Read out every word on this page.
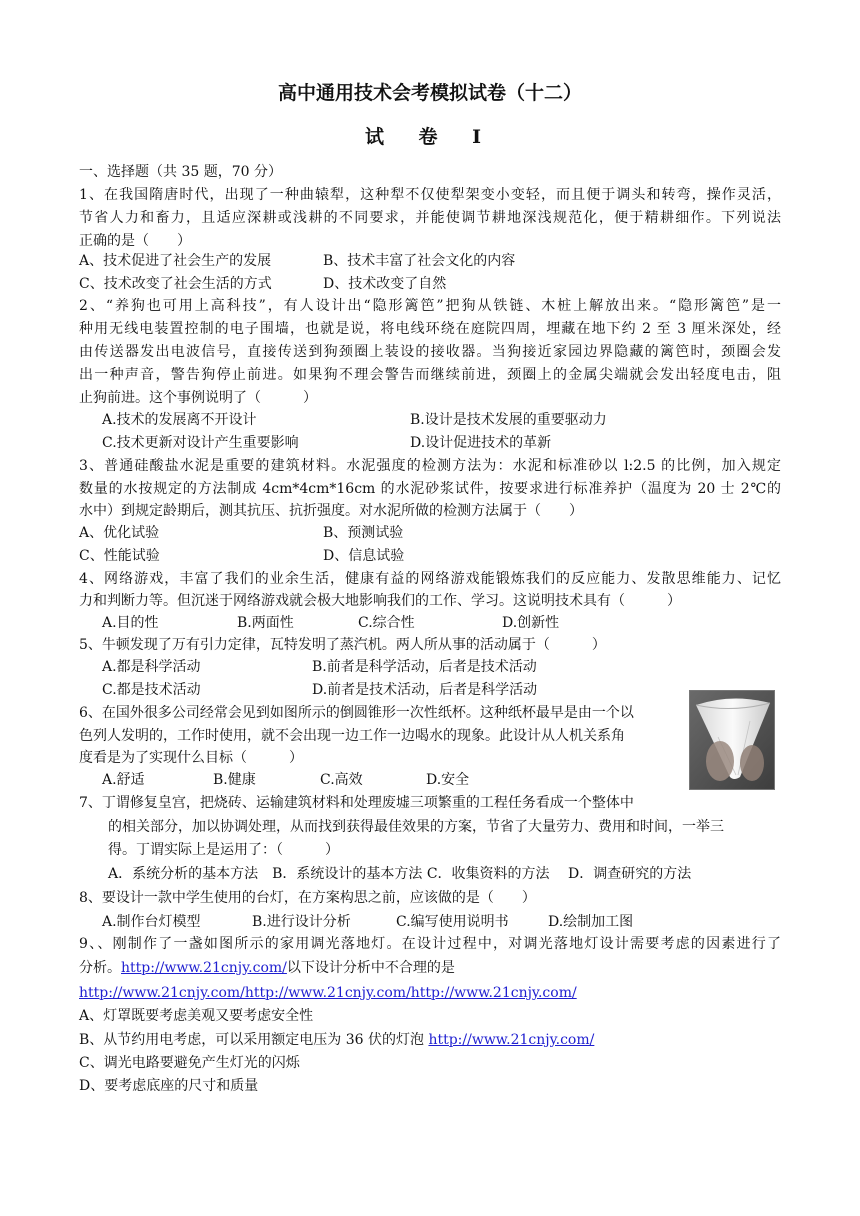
高中通用技术会考模拟试卷（十二）
试 卷 Ⅰ
一、选择题（共 35 题，70 分）
1、在我国隋唐时代，出现了一种曲辕犁，这种犁不仅使犁架变小变轻，而且便于调头和转弯，操作灵活，
节省人力和畜力，且适应深耕或浅耕的不同要求，并能使调节耕地深浅规范化，便于精耕细作。下列说法
正确的是（　　）
A、技术促进了社会生产的发展	B、技术丰富了社会文化的内容
C、技术改变了社会生活的方式	D、技术改变了自然
2、“养狗也可用上高科技”，有人设计出“隐形篱笆”把狗从铁链、木桩上解放出来。“隐形篱笆”是一
种用无线电装置控制的电子围墙，也就是说，将电线环绕在庭院四周，埋藏在地下约 2 至 3 厘米深处，经
由传送器发出电波信号，直接传送到狗颈圈上装设的接收器。当狗接近家园边界隐藏的篱笆时，颈圈会发
出一种声音，警告狗停止前进。如果狗不理会警告而继续前进，颈圈上的金属尖端就会发出轻度电击，阻
止狗前进。这个事例说明了（　　　）
A.技术的发展离不开设计	B.设计是技术发展的重要驱动力
C.技术更新对设计产生重要影响	D.设计促进技术的革新
3、普通硅酸盐水泥是重要的建筑材料。水泥强度的检测方法为：水泥和标准砂以 l:2.5 的比例，加入规定
数量的水按规定的方法制成 4cm*4cm*16cm 的水泥砂浆试件，按要求进行标准养护（温度为 20 士 2℃的
水中）到规定龄期后，测其抗压、抗折强度。对水泥所做的检测方法属于（　　）
A、优化试验	B、预测试验
C、性能试验	D、信息试验
4、网络游戏，丰富了我们的业余生活，健康有益的网络游戏能锻炼我们的反应能力、发散思维能力、记忆
力和判断力等。但沉迷于网络游戏就会极大地影响我们的工作、学习。这说明技术具有（　　　）
A.目的性	B.两面性	C.综合性	D.创新性
5、牛顿发现了万有引力定律，瓦特发明了蒸汽机。两人所从事的活动属于（　　　）
A.都是科学活动	B.前者是科学活动，后者是技术活动
C.都是技术活动	D.前者是技术活动，后者是科学活动
6、在国外很多公司经常会见到如图所示的倒圆锥形一次性纸杯。这种纸杯最早是由一个以
色列人发明的，工作时使用，就不会出现一边工作一边喝水的现象。此设计从人机关系角
度看是为了实现什么目标（　　　）
A.舒适	B.健康	C.高效	D.安全
7、丁谓修复皇宫，把烧砖、运输建筑材料和处理废墟三项繁重的工程任务看成一个整体中
的相关部分，加以协调处理，从而找到获得最佳效果的方案，节省了大量劳力、费用和时间，一举三
得。丁谓实际上是运用了：（　　　）
A．系统分析的基本方法　B．系统设计的基本方法 C．收集资料的方法　 D．调查研究的方法
8、要设计一款中学生使用的台灯，在方案构思之前，应该做的是（　　）
A.制作台灯模型	B.进行设计分析	C.编写使用说明书	D.绘制加工图
9、、刚制作了一盏如图所示的家用调光落地灯。在设计过程中，对调光落地灯设计需要考虑的因素进行了
分析。http://www.21cnjy.com/以下设计分析中不合理的是
http://www.21cnjy.com/http://www.21cnjy.com/http://www.21cnjy.com/
A、灯罩既要考虑美观又要考虑安全性
B、从节约用电考虑，可以采用额定电压为 36 伏的灯泡 http://www.21cnjy.com/
C、调光电路要避免产生灯光的闪烁
D、要考虑底座的尺寸和质量
